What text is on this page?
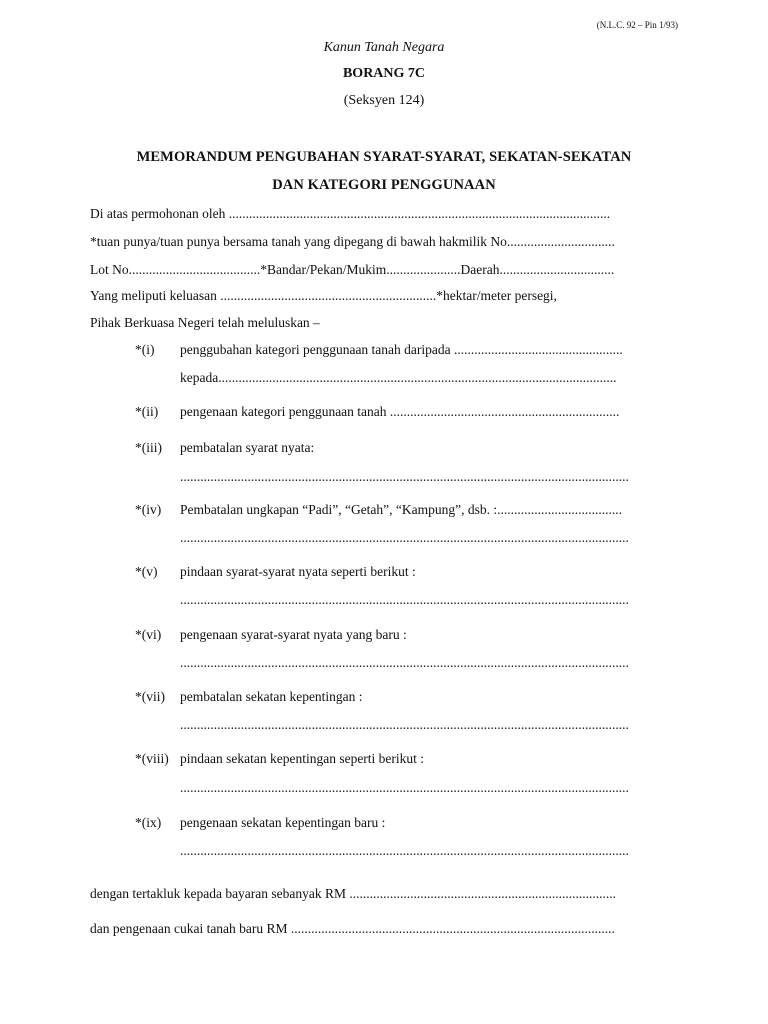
(N.L.C. 92 – Pin 1/93)
Kanun Tanah Negara
BORANG 7C
(Seksyen 124)
MEMORANDUM PENGUBAHAN SYARAT-SYARAT, SEKATAN-SEKATAN
DAN KATEGORI PENGGUNAAN
Di atas permohonan oleh .................................................................................................................
*tuan punya/tuan punya bersama tanah yang dipegang di bawah hakmilik No................................
Lot No.......................................*Bandar/Pekan/Mukim......................Daerah..................................
Yang meliputi keluasan ................................................................*hektar/meter persegi,
Pihak Berkuasa Negeri telah meluluskan –
*(i) penggubahan kategori penggunaan tanah daripada ..................................................
kepada......................................................................................................................
*(ii) pengenaan kategori penggunaan tanah ....................................................................
*(iii) pembatalan syarat nyata:
.....................................................................................................................................
*(iv) Pembatalan ungkapan “Padi”, “Getah”, “Kampung”, dsb. :.....................................
.....................................................................................................................................
*(v) pindaan syarat-syarat nyata seperti berikut :
.....................................................................................................................................
*(vi) pengenaan syarat-syarat nyata yang baru :
.....................................................................................................................................
*(vii) pembatalan sekatan kepentingan :
.....................................................................................................................................
*(viii) pindaan sekatan kepentingan seperti berikut :
.....................................................................................................................................
*(ix) pengenaan sekatan kepentingan baru :
.....................................................................................................................................
dengan tertakluk kepada bayaran sebanyak RM ...............................................................................
dan pengenaan cukai tanah baru RM ................................................................................................
